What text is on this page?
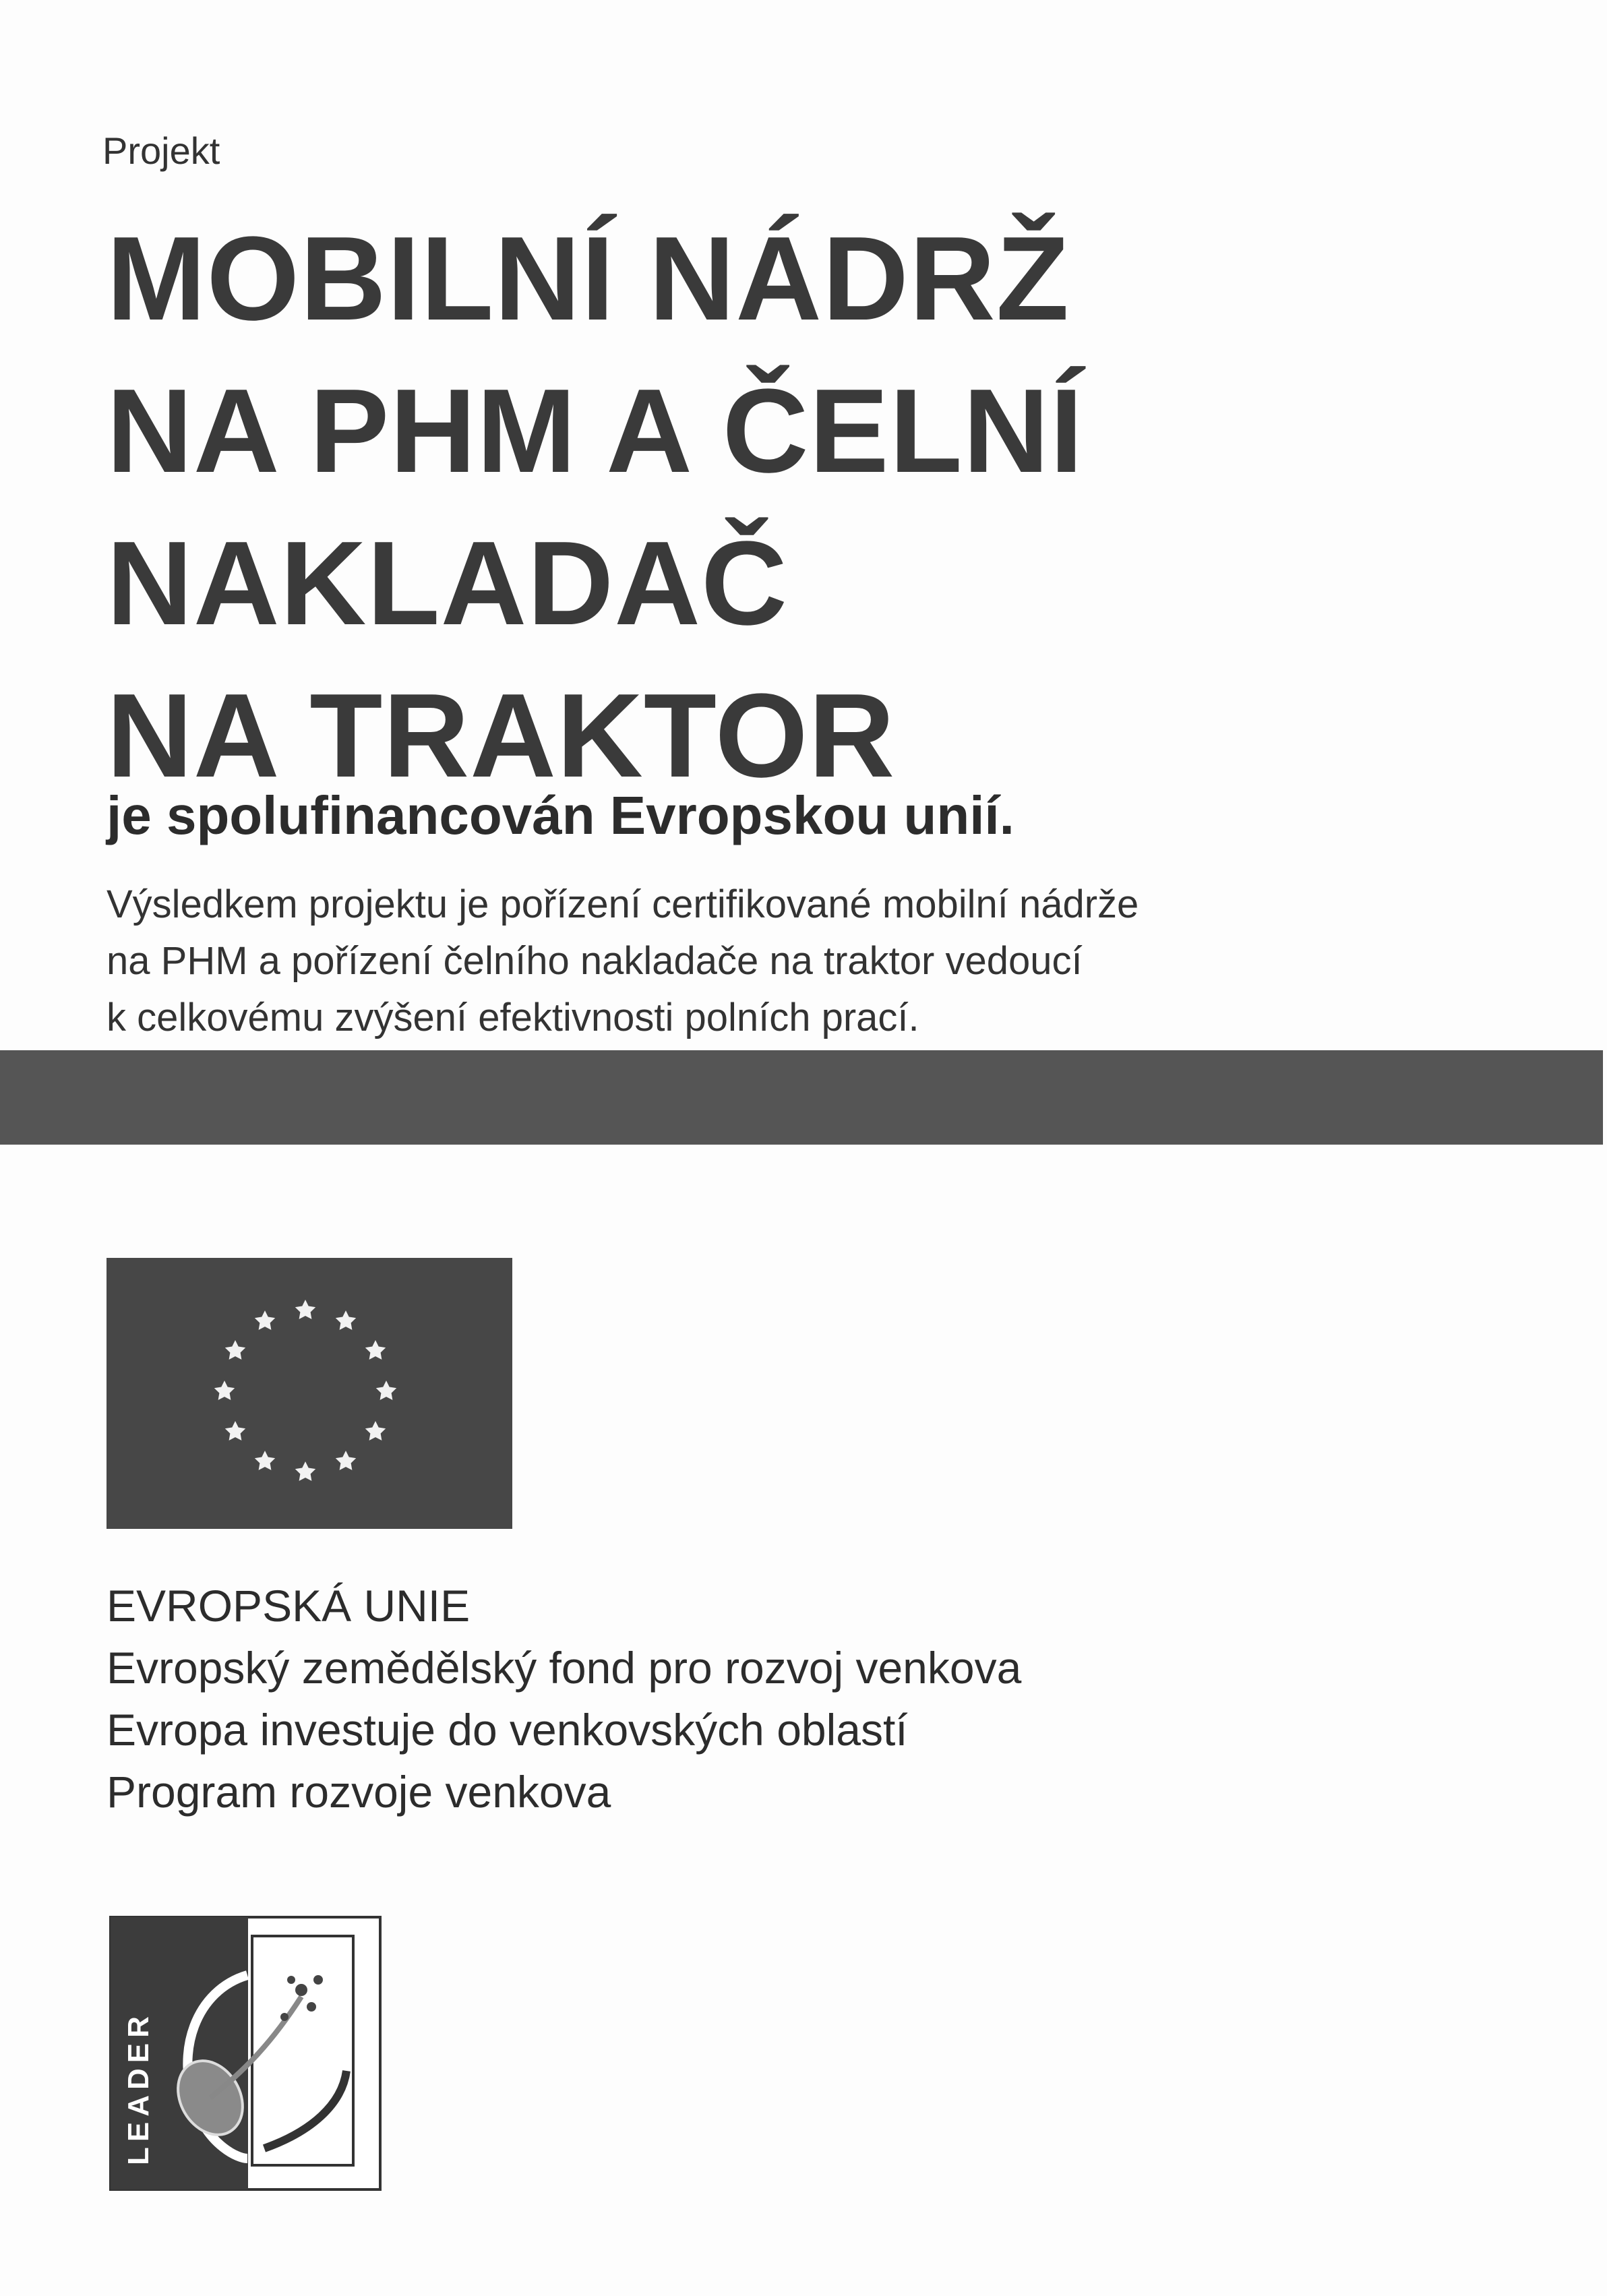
Projekt
MOBILNÍ NÁDRŽ
NA PHM A ČELNÍ
NAKLADAČ
NA TRAKTOR
je spolufinancován Evropskou unií.
Výsledkem projektu je pořízení certifikované mobilní nádrže
na PHM a pořízení čelního nakladače na traktor vedoucí
k celkovému zvýšení efektivnosti polních prací.
EVROPSKÁ UNIE
Evropský zemědělský fond pro rozvoj venkova
Evropa investuje do venkovských oblastí
Program rozvoje venkova
LEADER
